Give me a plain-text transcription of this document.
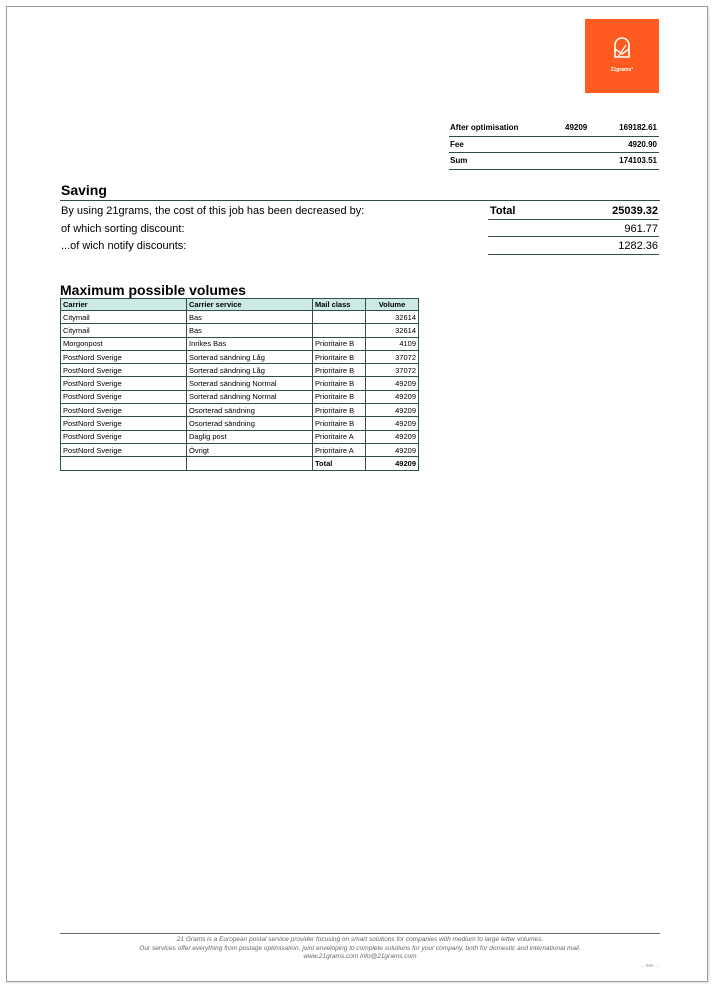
21grams°
After optimisation	49209	169182.61
Fee	4920.90
Sum	174103.51
Saving
By using 21grams, the cost of this job has been decreased by:	Total	25039.32
of which sorting discount:	961.77
...of wich notify discounts:	1282.36
Maximum possible volumes
Carrier	Carrier service	Mail class	Volume
Citymail	Bas		32614
Citymail	Bas		32614
Morgonpost	Inrikes Bas	Prioritaire B	4109
PostNord Sverige	Sorterad sändning Låg	Prioritaire B	37072
PostNord Sverige	Sorterad sändning Låg	Prioritaire B	37072
PostNord Sverige	Sorterad sändning Normal	Prioritaire B	49209
PostNord Sverige	Sorterad sändning Normal	Prioritaire B	49209
PostNord Sverige	Osorterad sändning	Prioritaire B	49209
PostNord Sverige	Osorterad sändning	Prioritaire B	49209
PostNord Sverige	Daglig post	Prioritaire A	49209
PostNord Sverige	Övrigt	Prioritaire A	49209
		Total	49209
21 Grams is a European postal service provider focusing on smart solutions for companies with medium to large letter volumes.
Our services offer everything from postage optimisation, joint enveloping to complete solutions for your company, both for domestic and international mail.
www.21grams.com info@21grams.com
... 888 ...
